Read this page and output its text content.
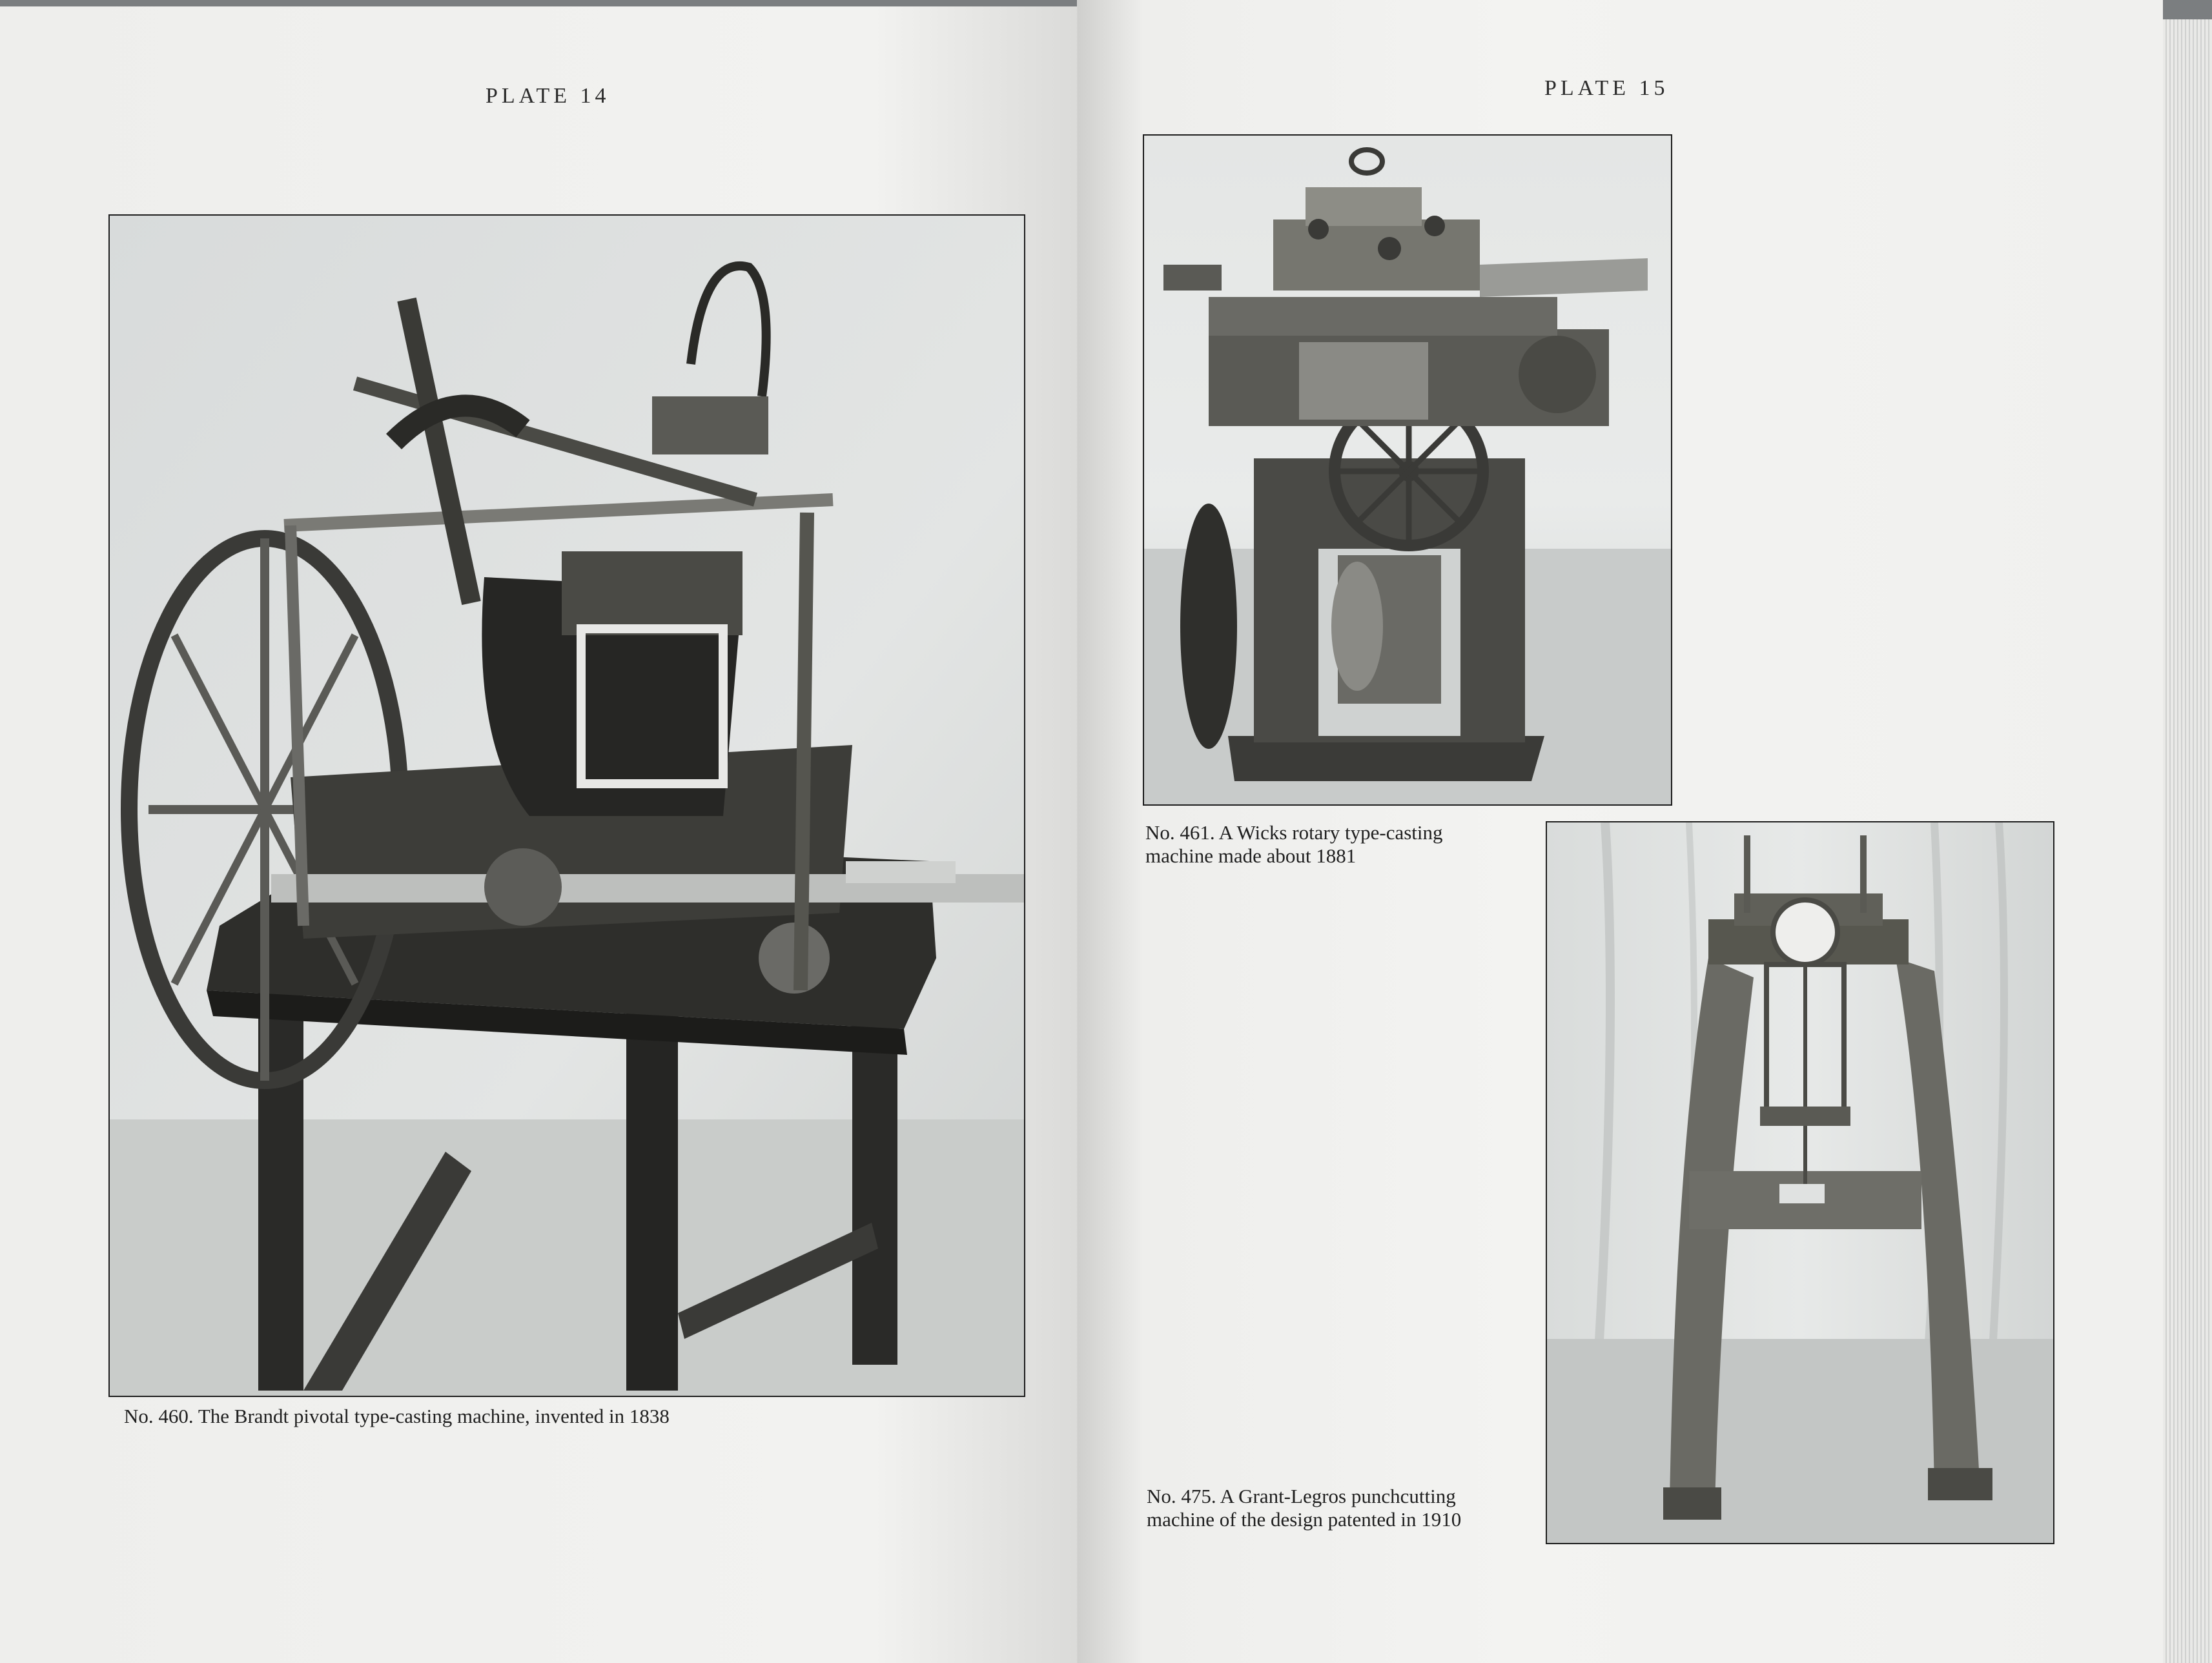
PLATE 14
No. 460. The Brandt pivotal type-casting machine, invented in 1838
PLATE 15
No. 461. A Wicks rotary type-casting
machine made about 1881
No. 475. A Grant-Legros punchcutting
machine of the design patented in 1910
